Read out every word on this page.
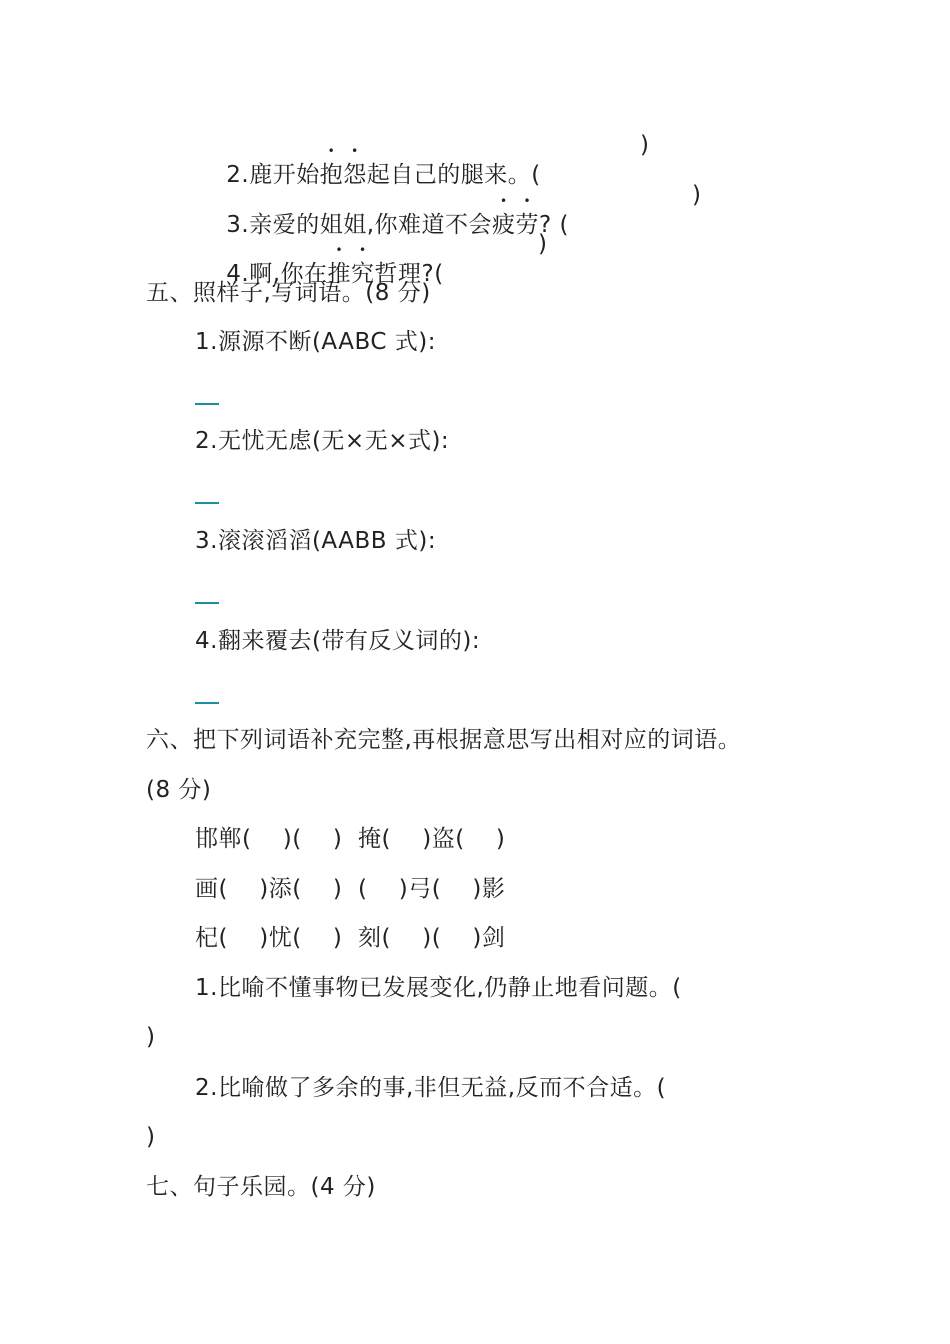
2.鹿开始抱怨起自己的腿来。(

)

3.亲爱的姐姐,你难道不会疲劳? (

)

4.啊,你在推究哲理?(

)
五、照样子,写词语。(8 分)
1.源源不断(AABC 式):
2.无忧无虑(无×无×式):
3.滚滚滔滔(AABB 式):
4.翻来覆去(带有反义词的):
六、把下列词语补充完整,再根据意思写出相对应的词语。
(8 分)
邯郸(    )(    )  掩(    )盗(    )
画(    )添(    )  (    )弓(    )影
杞(    )忧(    )  刻(    )(    )剑
1.比喻不懂事物已发展变化,仍静止地看问题。(
)
2.比喻做了多余的事,非但无益,反而不合适。(
)
七、句子乐园。(4 分)
